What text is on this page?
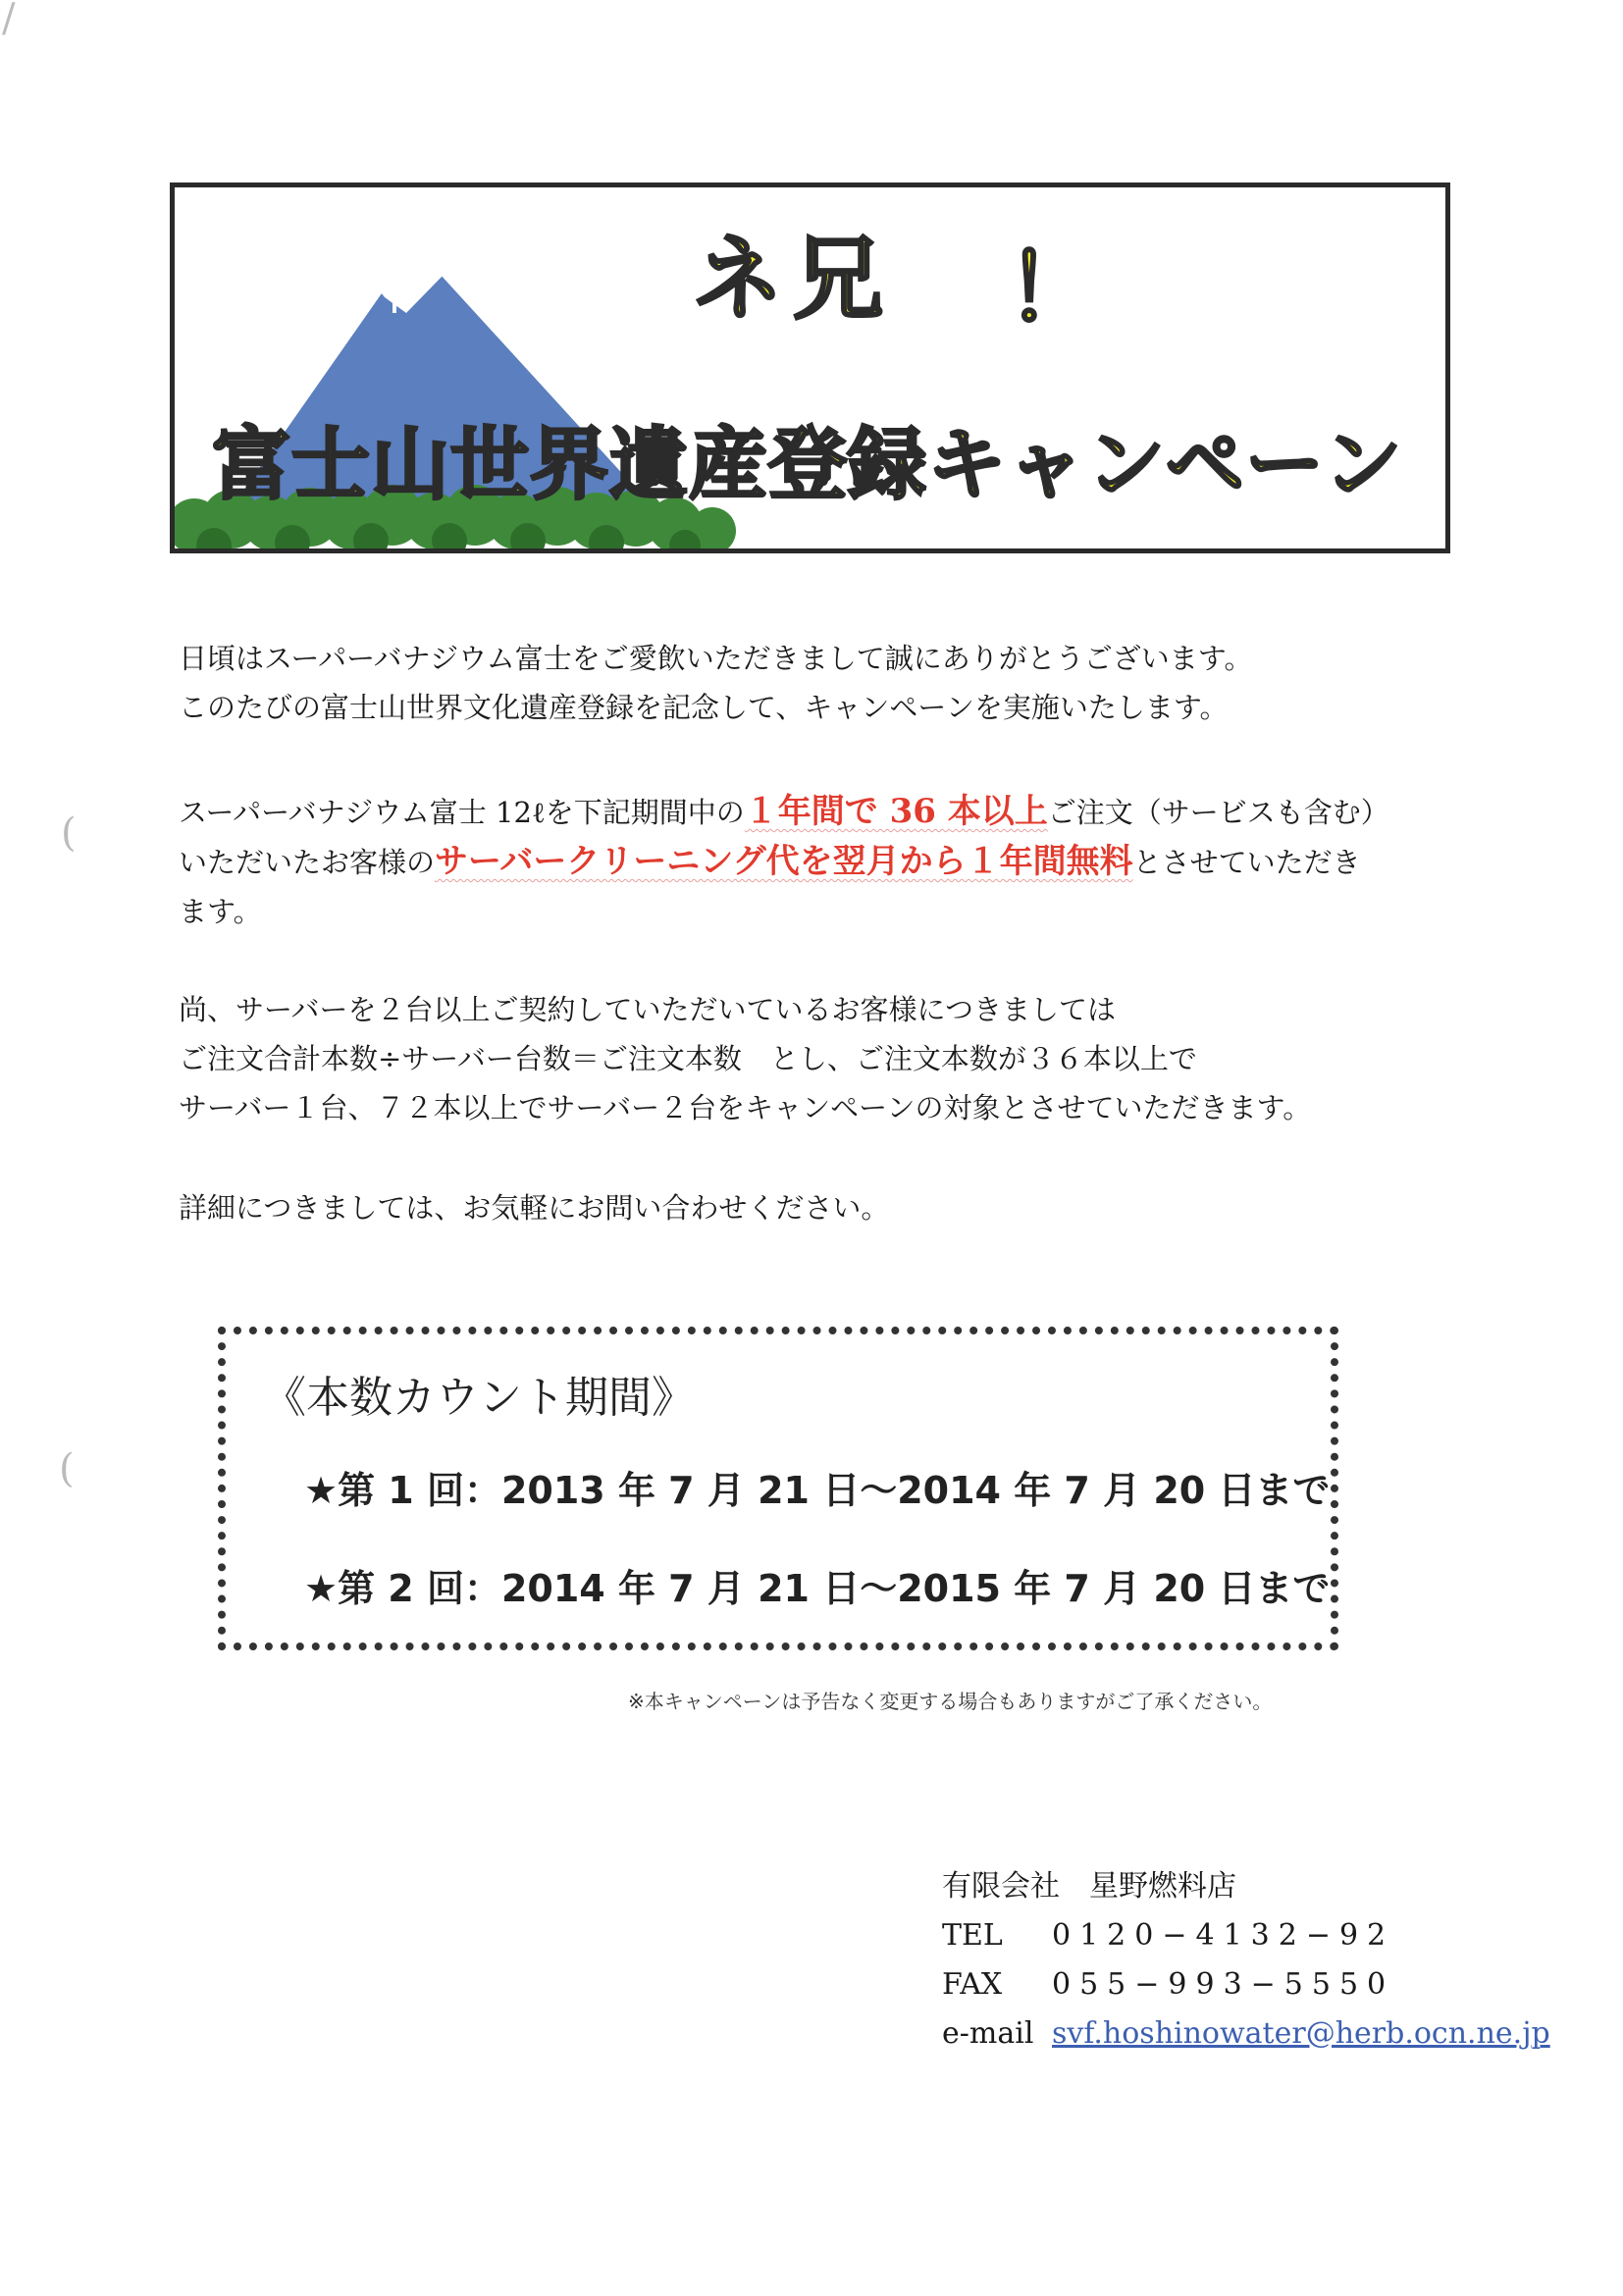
/
(
(
ネ兄	！
富士山世界遺産登録キャンペーン
日頃はスーパーバナジウム富士をご愛飲いただきまして誠にありがとうございます。
このたびの富士山世界文化遺産登録を記念して、キャンペーンを実施いたします。
スーパーバナジウム富士 12ℓを下記期間中の１年間で 36 本以上ご注文（サービスも含む）
いただいたお客様のサーバークリーニング代を翌月から１年間無料とさせていただき
ます。
尚、サーバーを２台以上ご契約していただいているお客様につきましては
ご注文合計本数÷サーバー台数＝ご注文本数　とし、ご注文本数が３６本以上で
サーバー１台、７２本以上でサーバー２台をキャンペーンの対象とさせていただきます。
詳細につきましては、お気軽にお問い合わせください。
《本数カウント期間》
★第 1 回：2013 年 7 月 21 日～2014 年 7 月 20 日まで
★第 2 回：2014 年 7 月 21 日～2015 年 7 月 20 日まで
※本キャンペーンは予告なく変更する場合もありますがご了承ください。
有限会社　星野燃料店
TEL 0120−4132−92
FAX 055−993−5550
e-mail svf.hoshinowater@herb.ocn.ne.jp
